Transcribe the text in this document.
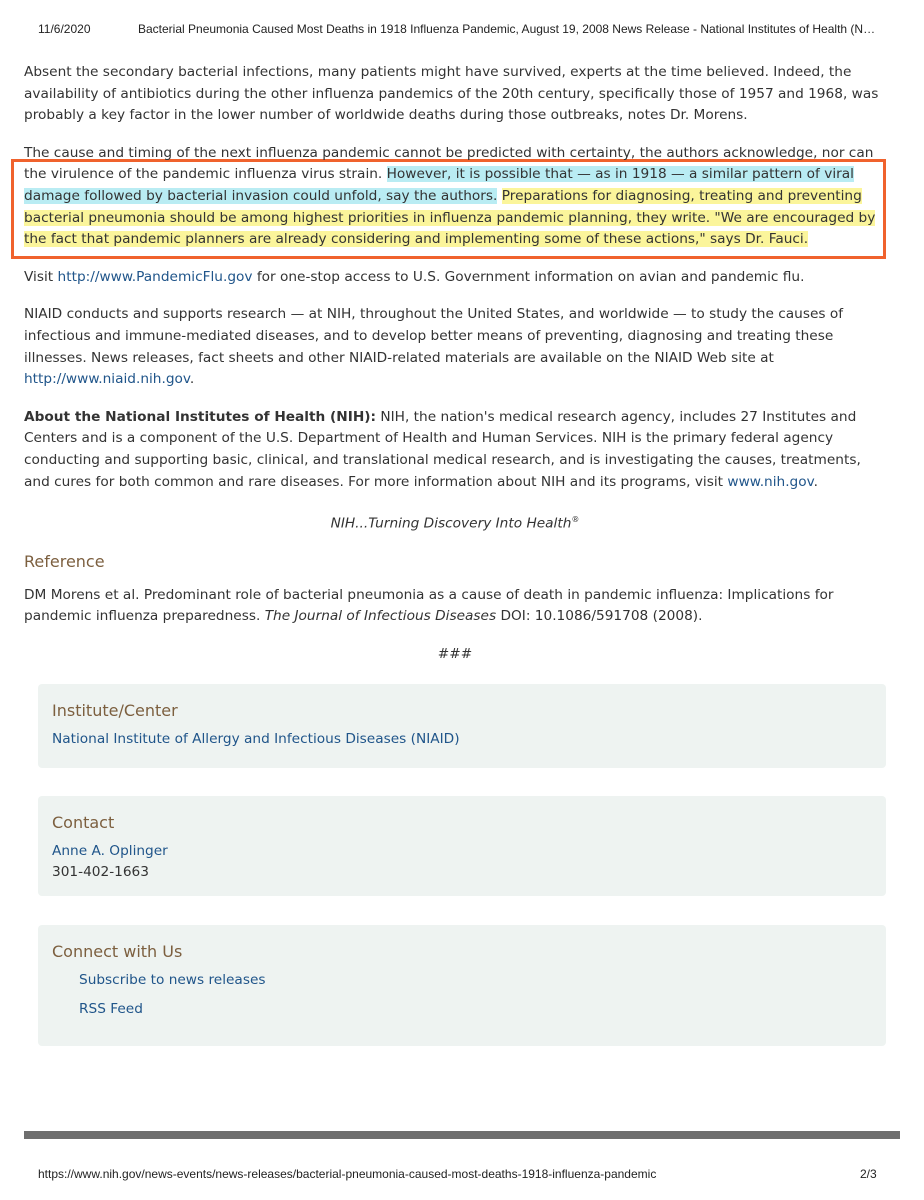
11/6/2020	Bacterial Pneumonia Caused Most Deaths in 1918 Influenza Pandemic, August 19, 2008 News Release - National Institutes of Health (N…

Absent the secondary bacterial infections, many patients might have survived, experts at the time believed. Indeed, the availability of antibiotics during the other influenza pandemics of the 20th century, specifically those of 1957 and 1968, was probably a key factor in the lower number of worldwide deaths during those outbreaks, notes Dr. Morens.

The cause and timing of the next influenza pandemic cannot be predicted with certainty, the authors acknowledge, nor can the virulence of the pandemic influenza virus strain. However, it is possible that — as in 1918 — a similar pattern of viral damage followed by bacterial invasion could unfold, say the authors. Preparations for diagnosing, treating and preventing bacterial pneumonia should be among highest priorities in influenza pandemic planning, they write. "We are encouraged by the fact that pandemic planners are already considering and implementing some of these actions," says Dr. Fauci.

Visit http://www.PandemicFlu.gov for one-stop access to U.S. Government information on avian and pandemic flu.

NIAID conducts and supports research — at NIH, throughout the United States, and worldwide — to study the causes of infectious and immune-mediated diseases, and to develop better means of preventing, diagnosing and treating these illnesses. News releases, fact sheets and other NIAID-related materials are available on the NIAID Web site at http://www.niaid.nih.gov.

About the National Institutes of Health (NIH): NIH, the nation's medical research agency, includes 27 Institutes and Centers and is a component of the U.S. Department of Health and Human Services. NIH is the primary federal agency conducting and supporting basic, clinical, and translational medical research, and is investigating the causes, treatments, and cures for both common and rare diseases. For more information about NIH and its programs, visit www.nih.gov.

NIH...Turning Discovery Into Health®

Reference

DM Morens et al. Predominant role of bacterial pneumonia as a cause of death in pandemic influenza: Implications for pandemic influenza preparedness. The Journal of Infectious Diseases DOI: 10.1086/591708 (2008).

###

Institute/Center
National Institute of Allergy and Infectious Diseases (NIAID)
Contact
Anne A. Oplinger
301-402-1663
Connect with Us
Subscribe to news releases
RSS Feed
https://www.nih.gov/news-events/news-releases/bacterial-pneumonia-caused-most-deaths-1918-influenza-pandemic	2/3
